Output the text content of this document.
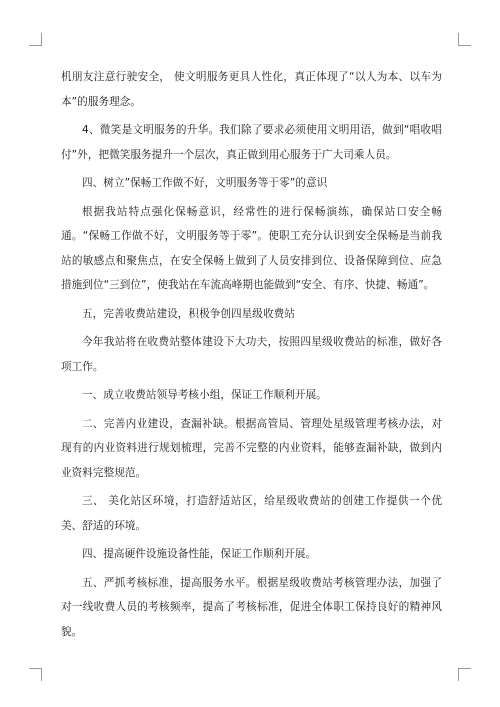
机朋友注意行驶安全， 使文明服务更具人性化，真正体现了“以人为本、以车为本”的服务理念。

4、微笑是文明服务的升华。我们除了要求必须使用文明用语，做到“唱收唱付”外，把微笑服务提升一个层次，真正做到用心服务于广大司乘人员。

四、树立”保畅工作做不好，文明服务等于零”的意识

根据我站特点强化保畅意识，经常性的进行保畅演练，确保站口安全畅通。“保畅工作做不好，文明服务等于零”。使职工充分认识到安全保畅是当前我站的敏感点和聚焦点，在安全保畅上做到了人员安排到位、设备保障到位、应急措施到位“三到位”，使我站在车流高峰期也能做到“安全、有序、快捷、畅通”。

五，完善收费站建设，积极争创四星级收费站

今年我站将在收费站整体建设下大功夫，按照四星级收费站的标准，做好各项工作。

一、成立收费站领导考核小组，保证工作顺利开展。

二、完善内业建设，查漏补缺。根据高管局、管理处星级管理考核办法，对现有的内业资料进行规划梳理，完善不完整的内业资料，能够查漏补缺，做到内业资料完整规范。

三、 美化站区环境，打造舒适站区，给星级收费站的创建工作提供一个优美、舒适的环境。

四、提高硬件设施设备性能，保证工作顺利开展。

五、严抓考核标准，提高服务水平。根据星级收费站考核管理办法，加强了对一线收费人员的考核频率，提高了考核标准，促进全体职工保持良好的精神风貌。
